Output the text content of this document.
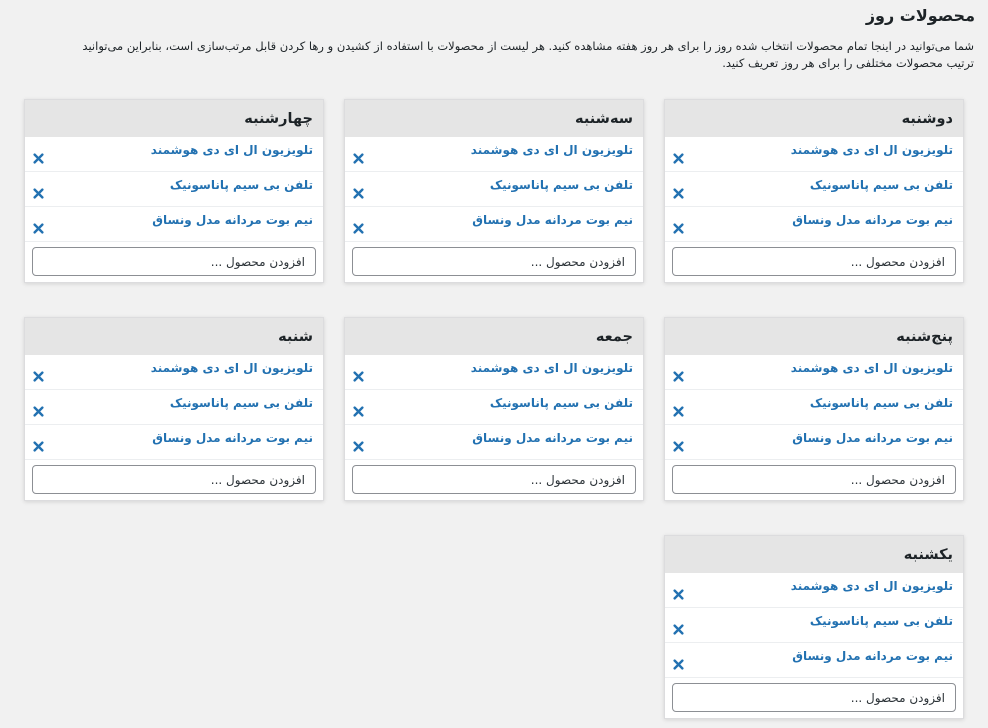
محصولات روز

شما می‌توانید در اینجا تمام محصولات انتخاب شده روز را برای هر روز هفته مشاهده کنید. هر لیست از محصولات با استفاده از کشیدن و رها کردن قابل مرتب‌سازی است، بنابراین می‌توانید
ترتیب محصولات مختلفی را برای هر روز تعریف کنید.

دوشنبه
تلویزیون ال ای دی هوشمند
تلفن بی سیم پاناسونیک
نیم بوت مردانه مدل ونساق
افزودن محصول ...
سه‌شنبه
تلویزیون ال ای دی هوشمند
تلفن بی سیم پاناسونیک
نیم بوت مردانه مدل ونساق
افزودن محصول ...
چهارشنبه
تلویزیون ال ای دی هوشمند
تلفن بی سیم پاناسونیک
نیم بوت مردانه مدل ونساق
افزودن محصول ...
پنج‌شنبه
تلویزیون ال ای دی هوشمند
تلفن بی سیم پاناسونیک
نیم بوت مردانه مدل ونساق
افزودن محصول ...
جمعه
تلویزیون ال ای دی هوشمند
تلفن بی سیم پاناسونیک
نیم بوت مردانه مدل ونساق
افزودن محصول ...
شنبه
تلویزیون ال ای دی هوشمند
تلفن بی سیم پاناسونیک
نیم بوت مردانه مدل ونساق
افزودن محصول ...
یکشنبه
تلویزیون ال ای دی هوشمند
تلفن بی سیم پاناسونیک
نیم بوت مردانه مدل ونساق
افزودن محصول ...
